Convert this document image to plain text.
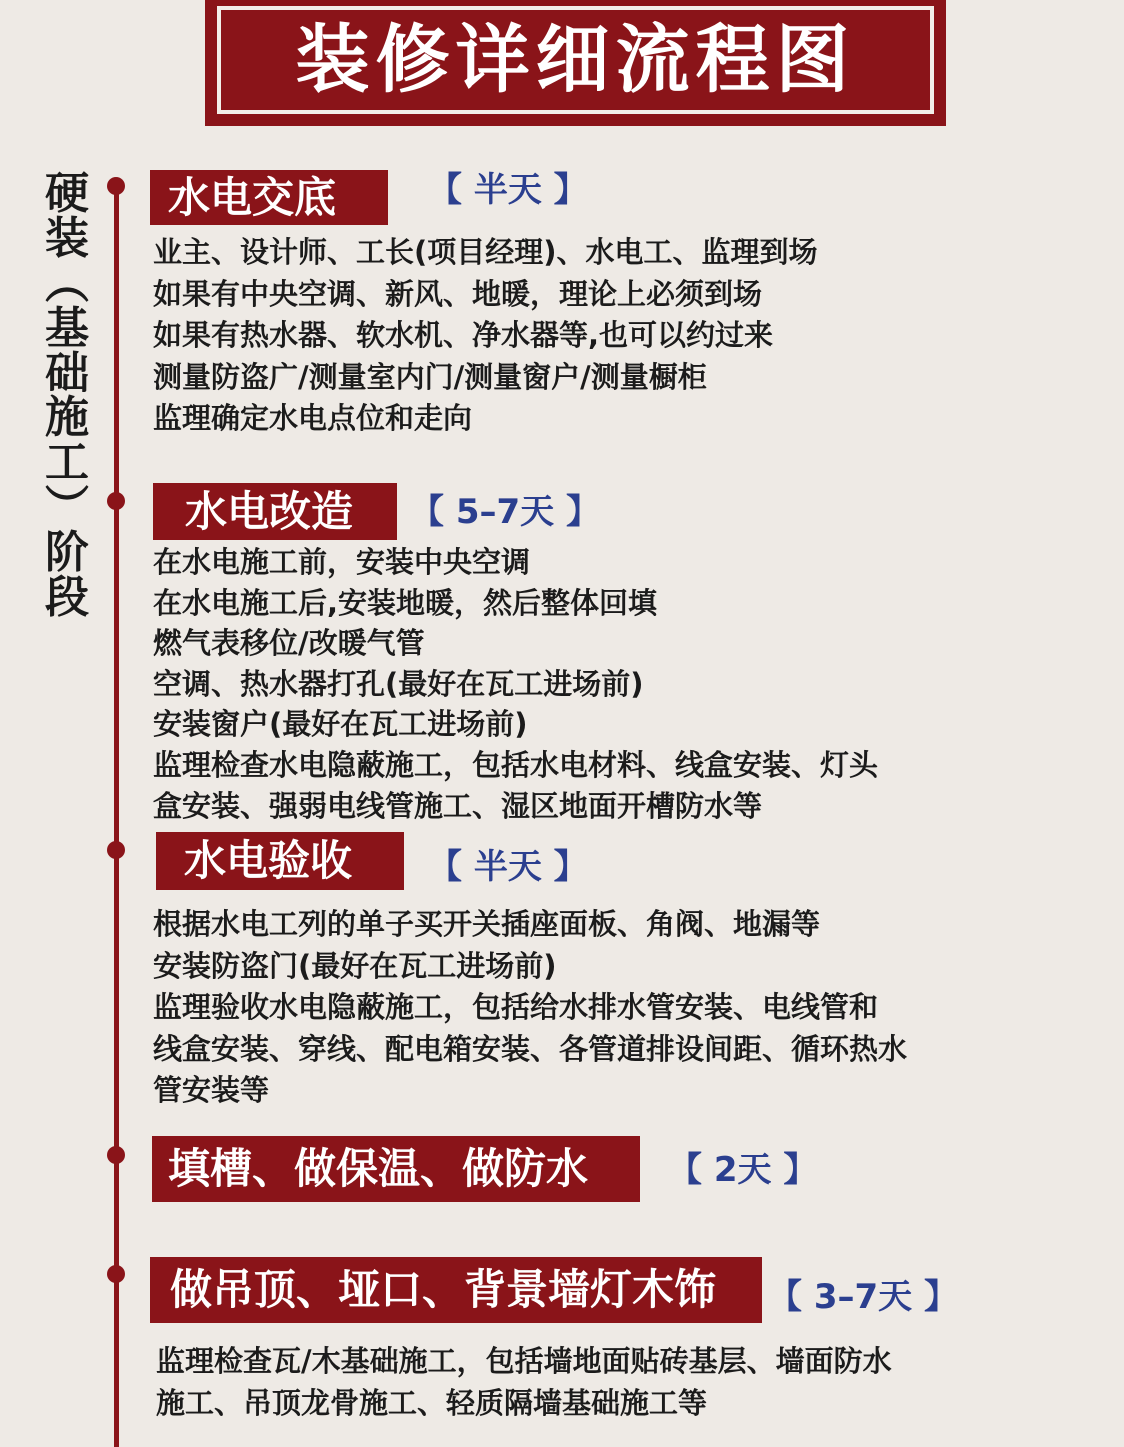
装修详细流程图
硬
装
︵
基
础
施
工
︶
阶
段
水电交底	【 半天 】
业主、设计师、工长(项目经理)、水电工、监理到场
如果有中央空调、新风、地暖，理论上必须到场
如果有热水器、软水机、净水器等,也可以约过来
测量防盗广/测量室内门/测量窗户/测量橱柜
监理确定水电点位和走向
水电改造	【 5–7天 】
在水电施工前，安装中央空调
在水电施工后,安装地暖，然后整体回填
燃气表移位/改暖气管
空调、热水器打孔(最好在瓦工进场前)
安装窗户(最好在瓦工进场前)
监理检查水电隐蔽施工，包括水电材料、线盒安装、灯头
盒安装、强弱电线管施工、湿区地面开槽防水等
水电验收	【 半天 】
根据水电工列的单子买开关插座面板、角阀、地漏等
安装防盗门(最好在瓦工进场前)
监理验收水电隐蔽施工，包括给水排水管安装、电线管和
线盒安装、穿线、配电箱安装、各管道排设间距、循环热水
管安装等
填槽、做保温、做防水	【 2天 】
做吊顶、垭口、背景墙灯木饰	【 3–7天 】
监理检查瓦/木基础施工，包括墙地面贴砖基层、墙面防水
施工、吊顶龙骨施工、轻质隔墙基础施工等
